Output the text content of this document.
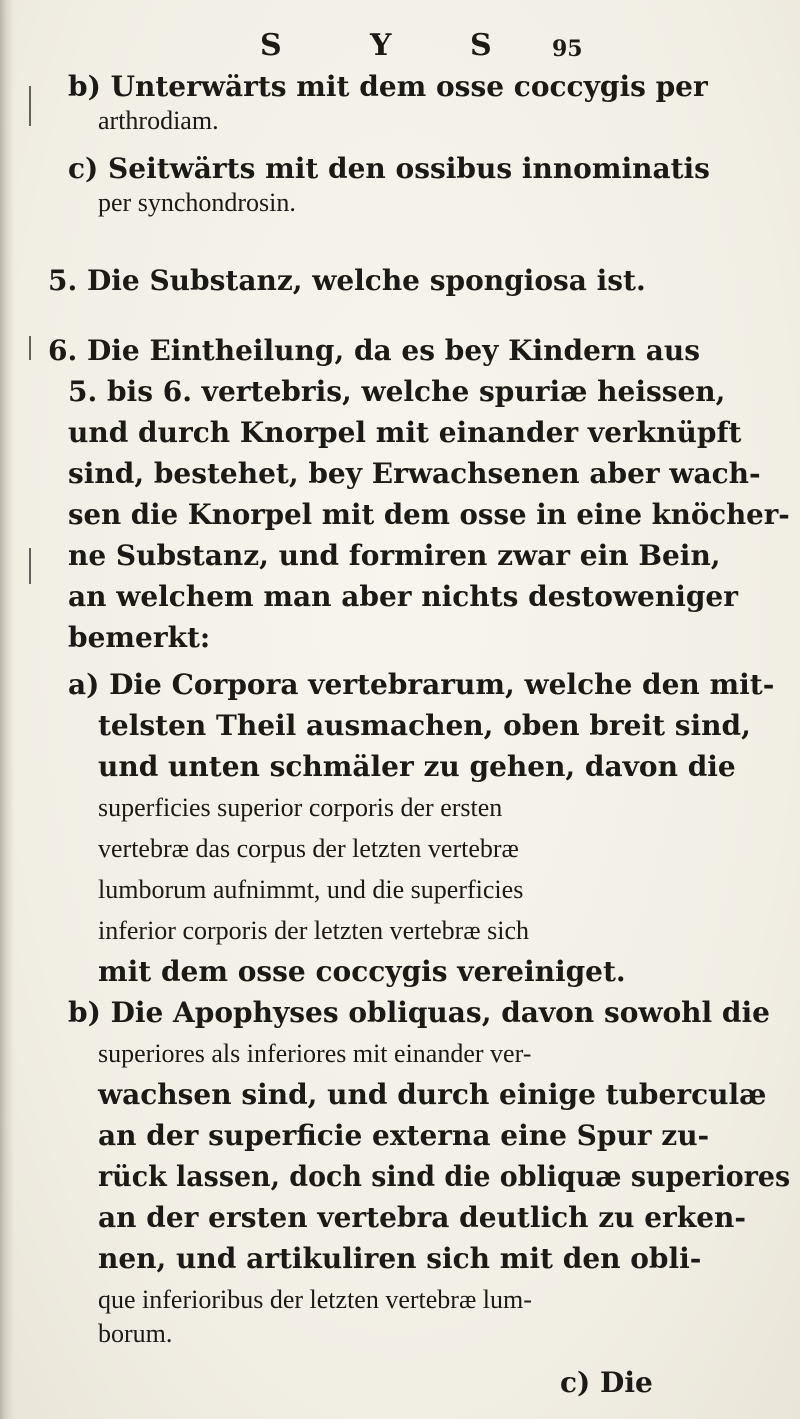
S	Y	S	95
b) Unterwärts mit dem osse coccygis per
arthrodiam.
c) Seitwärts mit den ossibus innominatis
per synchondrosin.
5. Die Substanz, welche spongiosa ist.
6. Die Eintheilung, da es bey Kindern aus
5. bis 6. vertebris, welche spuriæ heissen,
und durch Knorpel mit einander verknüpft
sind, bestehet, bey Erwachsenen aber wach-
sen die Knorpel mit dem osse in eine knöcher-
ne Substanz, und formiren zwar ein Bein,
an welchem man aber nichts destoweniger
bemerkt:
a) Die Corpora vertebrarum, welche den mit-
telsten Theil ausmachen, oben breit sind,
und unten schmäler zu gehen, davon die
superficies superior corporis der ersten
vertebræ das corpus der letzten vertebræ
lumborum aufnimmt, und die superficies
inferior corporis der letzten vertebræ sich
mit dem osse coccygis vereiniget.
b) Die Apophyses obliquas, davon sowohl die
superiores als inferiores mit einander ver-
wachsen sind, und durch einige tuberculæ
an der superficie externa eine Spur zu-
rück lassen, doch sind die obliquæ superiores
an der ersten vertebra deutlich zu erken-
nen, und artikuliren sich mit den obli-
que inferioribus der letzten vertebræ lum-
borum.
c) Die
